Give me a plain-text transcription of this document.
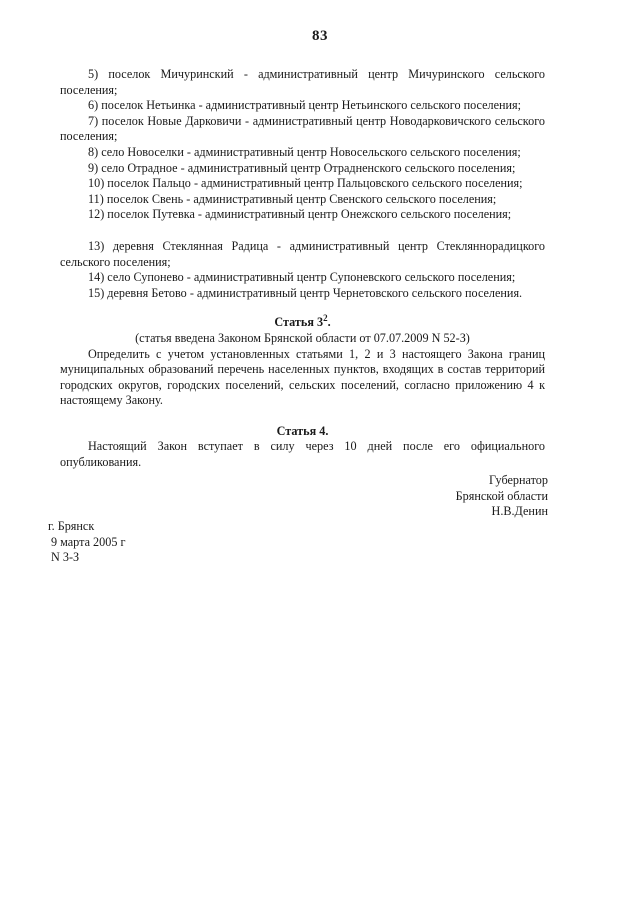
83

5) поселок Мичуринский - административный центр Мичуринского сельского поселения;

6) поселок Нетьинка - административный центр Нетьинского сельского поселения;

7) поселок Новые Дарковичи - административный центр Новодарковичского сельского поселения;

8) село Новоселки - административный центр Новосельского сельского поселения;

9) село Отрадное - административный центр Отрадненского сельского поселения;

10) поселок Пальцо - административный центр Пальцовского сельского поселения;

11) поселок Свень - административный центр Свенского сельского поселения;

12) поселок Путевка - административный центр Онежского сельского поселения;

13) деревня Стеклянная Радица - административный центр Стекляннорадицкого сельского поселения;

14) село Супонево - административный центр Супоневского сельского поселения;

15) деревня Бетово - административный центр Чернетовского сельского поселения.

Статья $3^2$.

(статья введена Законом Брянской области от 07.07.2009 N 52-З)

Определить с учетом установленных статьями 1, 2 и 3 настоящего Закона границ муниципальных образований перечень населенных пунктов, входящих в состав территорий городских округов, городских поселений, сельских поселений, согласно приложению 4 к настоящему Закону.

Статья 4.

Настоящий Закон вступает в силу через 10 дней после его официального опубликования.

Губернатор
Брянской области
Н.В.Денин
г. Брянск
9 марта 2005 г
N 3-З
